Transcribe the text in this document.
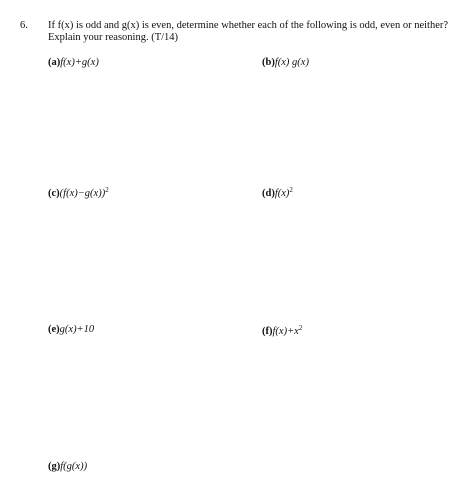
6. If f(x) is odd and g(x) is even, determine whether each of the following is odd, even or neither?
Explain your reasoning. (T/14)
(a)f(x)+g(x)	(b)f(x) g(x)
$(c)(f(x)-g(x))^2$	$(d)f(x)^2$
(e)g(x)+10	$(f)f(x)+x^2$
(g)f(g(x))
